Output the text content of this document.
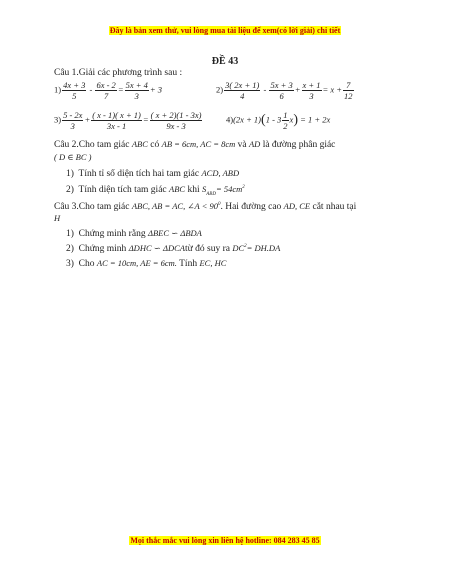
Đây là bản xem thử, vui lòng mua tài liệu để xem(có lời giải) chi tiết
ĐỀ 43
Câu 1.Giải các phương trình sau :
$1) \frac{4x + 3}{5} - \frac{6x - 2}{7} = \frac{5x + 4}{3} + 3$	$2) \frac{3( 2x + 1)}{4} - \frac{5x + 3}{6} + \frac{x + 1}{3} = x + \frac{7}{12}$
$3) \frac{5 - 2x}{3} + \frac{( x - 1)( x + 1)}{3x - 1} = \frac{( x + 2)(1 - 3x)}{9x - 3}$	$4)(2x + 1)(1 - 3 \frac{1}{2} x) = 1 + 2x$
Câu 2.Cho tam giác ABC có AB = 6cm, AC = 8cm và AD là đường phân giác
( D ∈ BC )
1) Tính tỉ số diện tích hai tam giác ACD, ABD
2) Tính diện tích tam giác ABC khi $S_{ABD}= 54cm^2$
Câu 3.Cho tam giác ABC, AB = AC, ∠A < $90^0$. Hai đường cao AD, CE cắt nhau tại
H
1) Chứng minh rằng ΔBEC ∽ ΔBDA
2) Chứng minh ΔDHC ∽ ΔDCAtừ đó suy ra $DC^2= DH.DA$
3) Cho AC = 10cm, AE = 6cm. Tính EC, HC
Mọi thắc mắc vui lòng xin liên hệ hotline: 084 283 45 85
